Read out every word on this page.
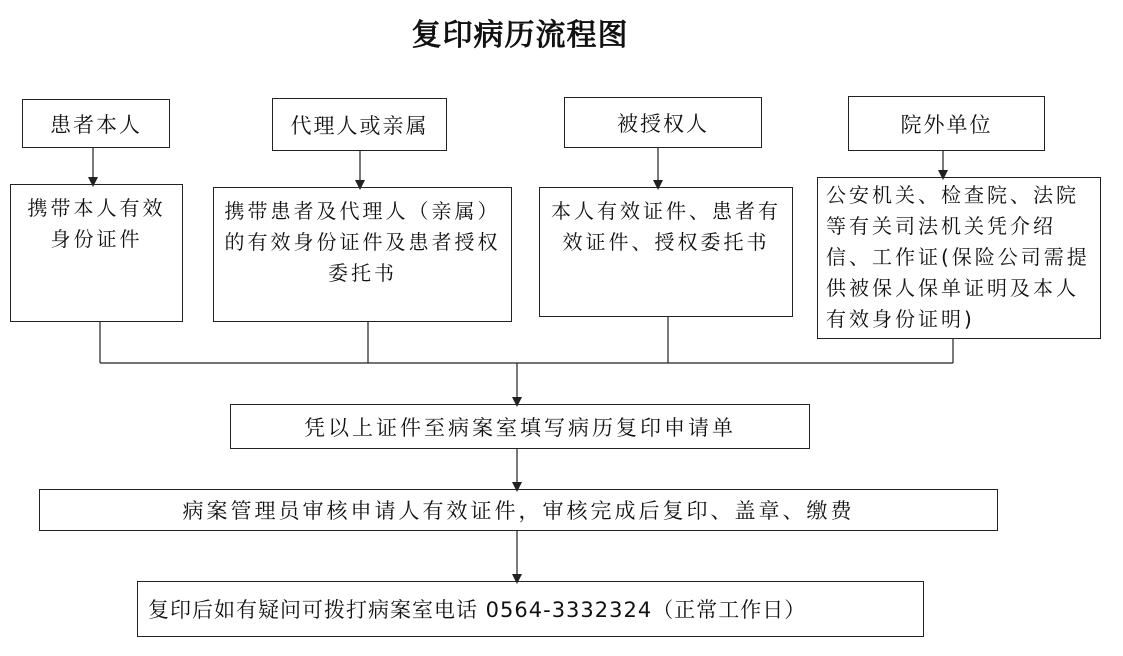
复印病历流程图
患者本人	代理人或亲属	被授权人	院外单位
携带本人有效身份证件
携带患者及代理人（亲属）的有效身份证件及患者授权委托书
本人有效证件、患者有效证件、授权委托书
公安机关、检查院、法院等有关司法机关凭介绍信、工作证(保险公司需提供被保人保单证明及本人有效身份证明)
凭以上证件至病案室填写病历复印申请单
病案管理员审核申请人有效证件，审核完成后复印、盖章、缴费
复印后如有疑问可拨打病案室电话 0564-3332324（正常工作日）
